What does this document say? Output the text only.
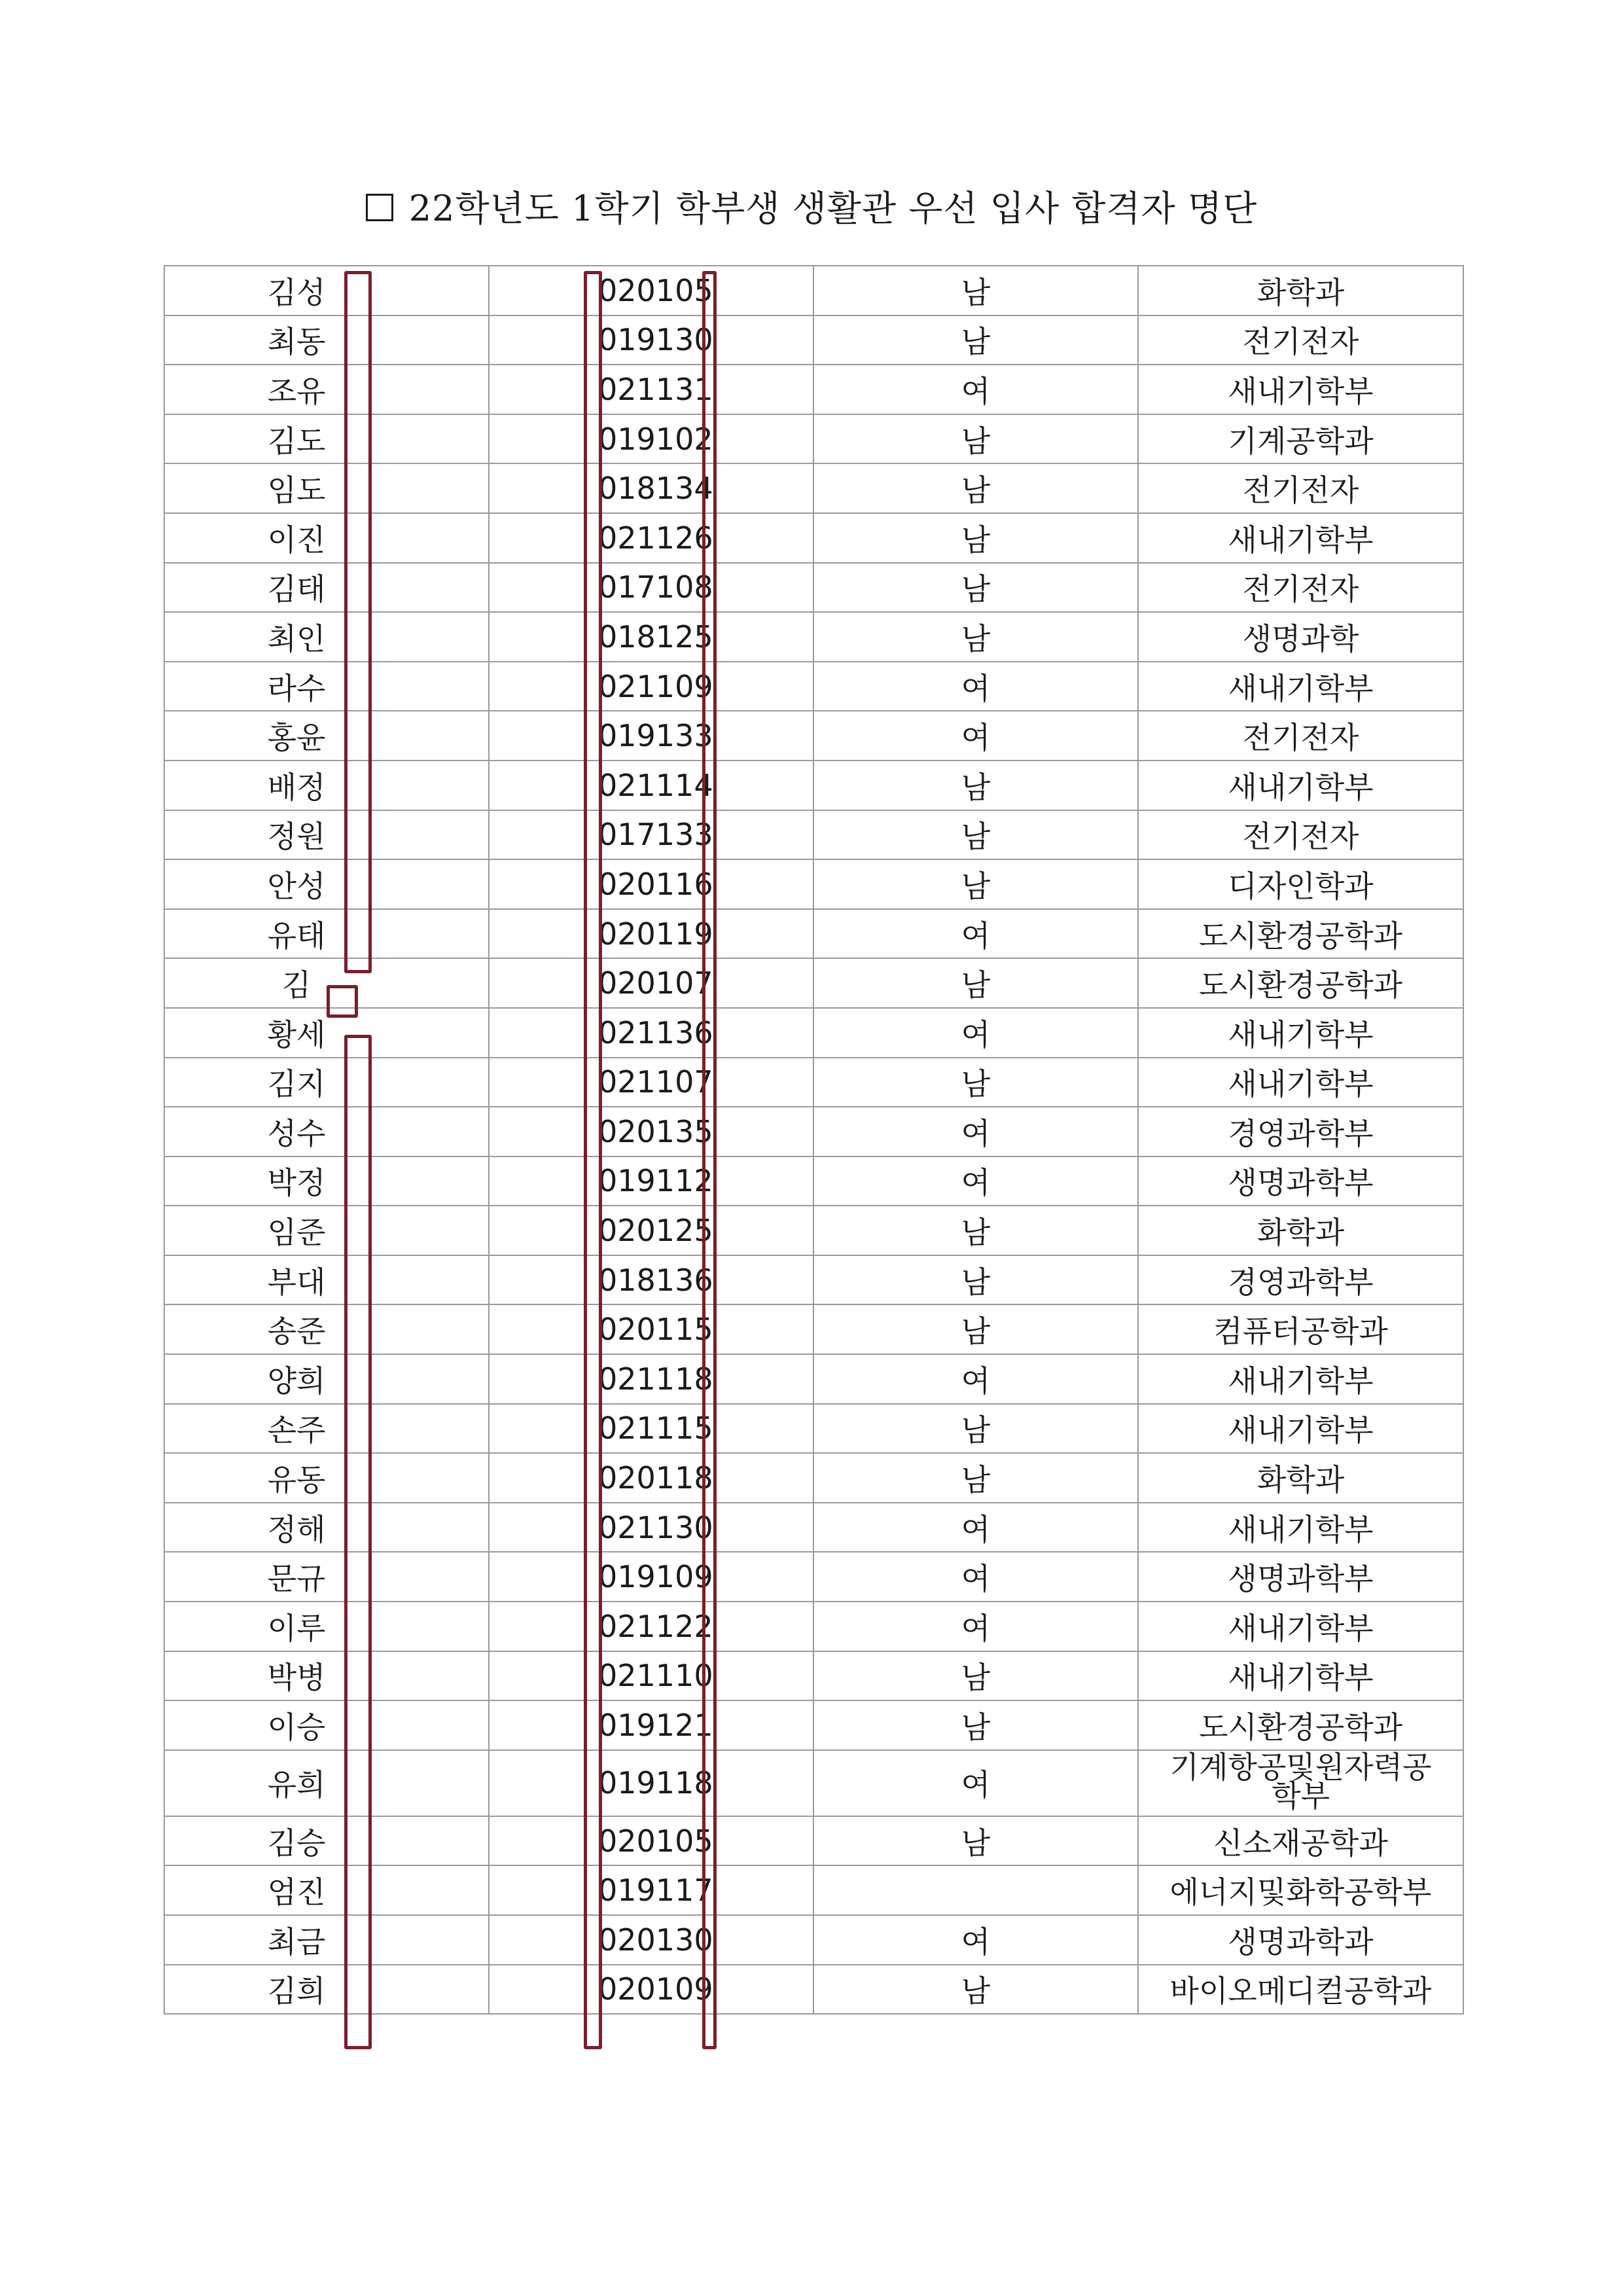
22학년도 1학기 학부생 생활관 우선 입사 합격자 명단
김성	020105	남	화학과
최동	019130	남	전기전자
조유	021131	여	새내기학부
김도	019102	남	기계공학과
임도	018134	남	전기전자
이진	021126	남	새내기학부
김태	017108	남	전기전자
최인	018125	남	생명과학
라수	021109	여	새내기학부
홍윤	019133	여	전기전자
배정	021114	남	새내기학부
정원	017133	남	전기전자
안성	020116	남	디자인학과
유태	020119	여	도시환경공학과
김	020107	남	도시환경공학과
황세	021136	여	새내기학부
김지	021107	남	새내기학부
성수	020135	여	경영과학부
박정	019112	여	생명과학부
임준	020125	남	화학과
부대	018136	남	경영과학부
송준	020115	남	컴퓨터공학과
양희	021118	여	새내기학부
손주	021115	남	새내기학부
유동	020118	남	화학과
정해	021130	여	새내기학부
문규	019109	여	생명과학부
이루	021122	여	새내기학부
박병	021110	남	새내기학부
이승	019121	남	도시환경공학과
유희	019118	여	기계항공및원자력공학부
김승	020105	남	신소재공학과
엄진	019117		에너지및화학공학부
최금	020130	여	생명과학과
김희	020109	남	바이오메디컬공학과
